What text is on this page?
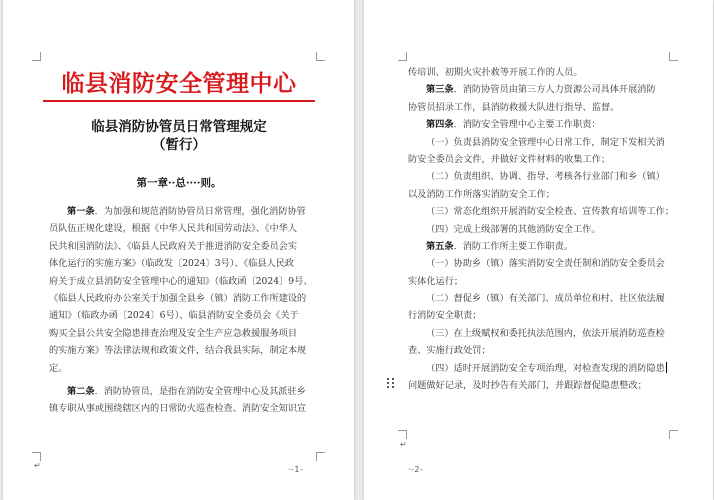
临县消防安全管理中心
临县消防协管员日常管理规定
（暂行）
第一章··总····则。
第一条．为加强和规范消防协管员日常管理，强化消防协管
员队伍正规化建设，根据《中华人民共和国劳动法》、《中华人
民共和国消防法》、《临县人民政府关于推进消防安全委员会实
体化运行的实施方案》（临政发〔2024〕3号）、《临县人民政
府关于成立县消防安全管理中心的通知》（临政函〔2024〕9号、
《临县人民政府办公室关于加强全县乡（镇）消防工作所建设的
通知》（临政办函〔2024〕6号）、临县消防安全委员会《关于
购买全县公共安全隐患排查治理及安全生产应急救援服务项目
的实施方案》等法律法规和政策文件，结合我县实际，制定本规
定。
第二条．消防协管员，是指在消防安全管理中心及其派驻乡
镇专职从事或围绕辖区内的日常防火巡查检查、消防安全知识宣
↵	·-1-
传培训、初期火灾扑救等开展工作的人员。
第三条．消防协管员由第三方人力资源公司具体开展消防
协管员招录工作，县消防救援大队进行指导、监督。
第四条．消防安全管理中心主要工作职责：
（一）负责县消防安全管理中心日常工作，制定下发相关消
防安全委员会文件，并做好文件材料的收集工作；
（二）负责组织、协调、指导、考核各行业部门和乡（镇）
以及消防工作所落实消防安全工作；
（三）常态化组织开展消防安全检查、宣传教育培训等工作；
（四）完成上级部署的其他消防安全工作。
第五条．消防工作所主要工作职责。
（一）协助乡（镇）落实消防安全责任制和消防安全委员会
实体化运行；
（二）督促乡（镇）有关部门、成员单位和村、社区依法履
行消防安全职责；
（三）在上级赋权和委托执法范围内，依法开展消防巡查检
查、实施行政处罚；
（四）适时开展消防安全专项治理，对检查发现的消防隐患
问题做好记录，及时抄告有关部门，并跟踪督促隐患整改；
↵
·-2-
